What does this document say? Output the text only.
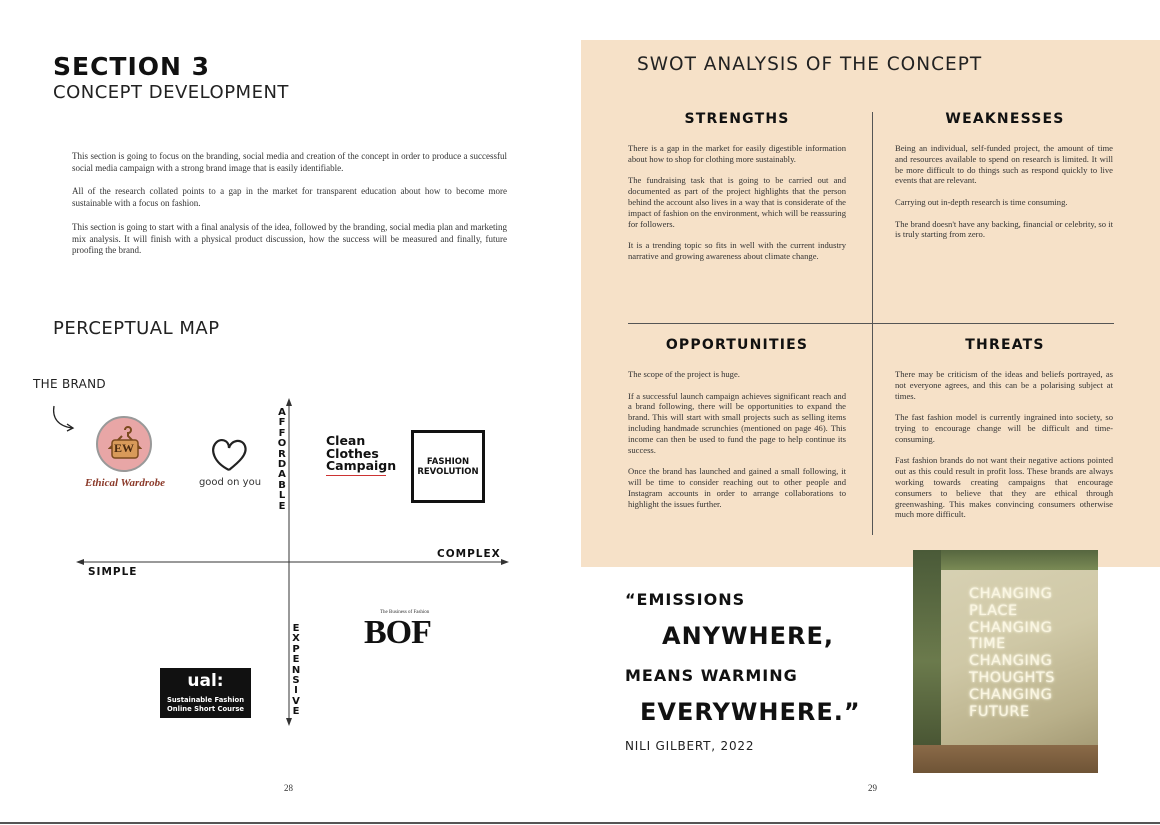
SECTION 3
CONCEPT DEVELOPMENT

This section is going to focus on the branding, social media and creation of the concept in order to produce a successful social media campaign with a strong brand image that is easily identifiable.

All of the research collated points to a gap in the market for transparent education about how to become more sustainable with a focus on fashion.

This section is going to start with a final analysis of the idea, followed by the branding, social media plan and marketing mix analysis. It will finish with a physical product discussion, how the success will be measured and finally, future proofing the brand.

PERCEPTUAL MAP
THE BRAND
A
F
F
O
R
D
A
B
L
E
E
X
P
E
N
S
I
V
E
SIMPLE
COMPLEX
EW
Ethical Wardrobe	good on you
Clean
Clothes
Campaign	FASHION
REVOLUTION
The Business of Fashion
BOF
ual:
Sustainable Fashion
Online Short Course
28
SWOT ANALYSIS OF THE CONCEPT
STRENGTHS

There is a gap in the market for easily digestible information about how to shop for clothing more sustainably.

The fundraising task that is going to be carried out and documented as part of the project highlights that the person behind the account also lives in a way that is considerate of the impact of fashion on the environment, which will be reassuring for followers.

It is a trending topic so fits in well with the current industry narrative and growing awareness about climate change.

WEAKNESSES

Being an individual, self-funded project, the amount of time and resources available to spend on research is limited. It will be more difficult to do things such as respond quickly to live events that are relevant.

Carrying out in-depth research is time consuming.

The brand doesn't have any backing, financial or celebrity, so it is truly starting from zero.

OPPORTUNITIES

The scope of the project is huge.

If a successful launch campaign achieves significant reach and a brand following, there will be opportunities to expand the brand. This will start with small projects such as selling items including handmade scrunchies (mentioned on page 46). This income can then be used to fund the page to help continue its success.

Once the brand has launched and gained a small following, it will be time to consider reaching out to other people and Instagram accounts in order to arrange collaborations to highlight the issues further.

THREATS

There may be criticism of the ideas and beliefs portrayed, as not everyone agrees, and this can be a polarising subject at times.

The fast fashion model is currently ingrained into society, so trying to encourage change will be difficult and time-consuming.

Fast fashion brands do not want their negative actions pointed out as this could result in profit loss. These brands are always working towards creating campaigns that encourage consumers to believe that they are ethical through greenwashing. This makes convincing consumers otherwise much more difficult.

“EMISSIONS
ANYWHERE,
MEANS WARMING
EVERYWHERE.”
NILI GILBERT, 2022
CHANGING
PLACE
CHANGING
TIME
CHANGING
THOUGHTS
CHANGING
FUTURE
29
